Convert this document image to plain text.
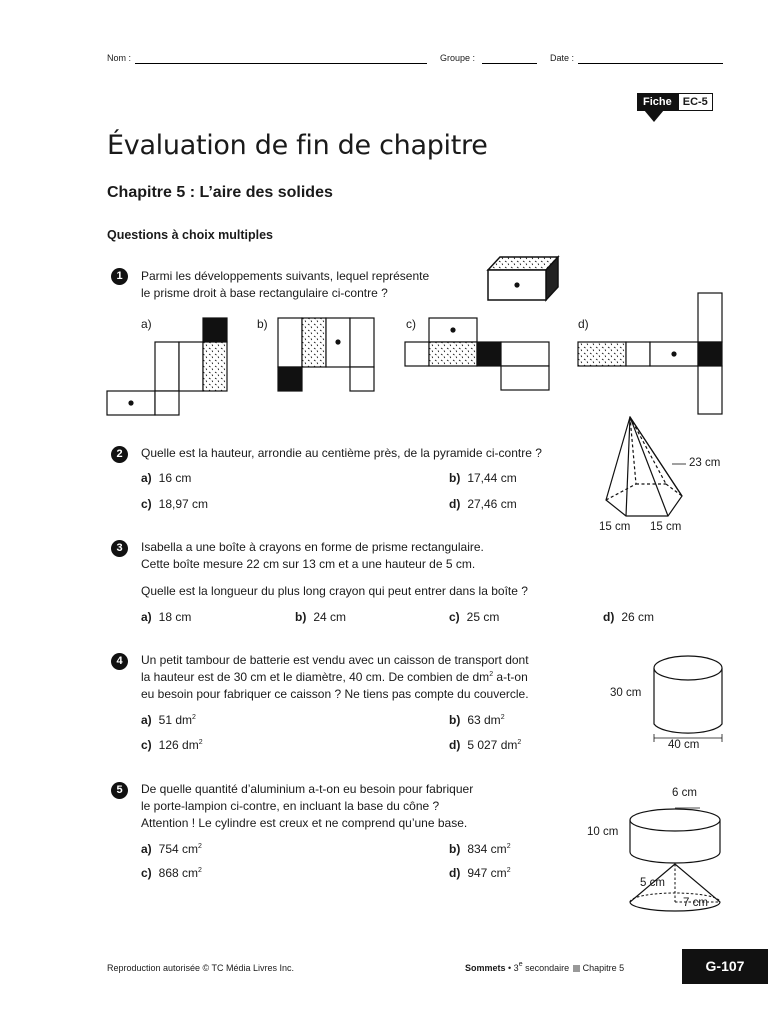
Nom :	Groupe :	Date :
Fiche	EC-5
Évaluation de fin de chapitre
Chapitre 5 : L’aire des solides
Questions à choix multiples
1	Parmi les développements suivants, lequel représente
le prisme droit à base rectangulaire ci-contre ?
a)	b)	c)	d)
2	Quelle est la hauteur, arrondie au centième près, de la pyramide ci-contre ?
a) 16 cm	b) 17,44 cm
c) 18,97 cm	d) 27,46 cm
23 cm
15 cm 15 cm
3	Isabella a une boîte à crayons en forme de prisme rectangulaire.
Cette boîte mesure 22 cm sur 13 cm et a une hauteur de 5 cm.
Quelle est la longueur du plus long crayon qui peut entrer dans la boîte ?
a) 18 cm	b) 24 cm	c) 25 cm	d) 26 cm
4	Un petit tambour de batterie est vendu avec un caisson de transport dont
la hauteur est de 30 cm et le diamètre, 40 cm. De combien de $dm^2$ a-t-on
eu besoin pour fabriquer ce caisson ? Ne tiens pas compte du couvercle.
a) 51 $dm^2$	b) 63 $dm^2$
c) 126 $dm^2$	d) 5 027 $dm^2$
30 cm
40 cm
5	De quelle quantité d’aluminium a-t-on eu besoin pour fabriquer
le porte-lampion ci-contre, en incluant la base du cône ?
Attention ! Le cylindre est creux et ne comprend qu’une base.
a) 754 $cm^2$	b) 834 $cm^2$
c) 868 $cm^2$	d) 947 $cm^2$
6 cm
10 cm
5 cm
7 cm
Reproduction autorisée © TC Média Livres Inc.	Sommets • 3e secondaire Chapitre 5	G-107
